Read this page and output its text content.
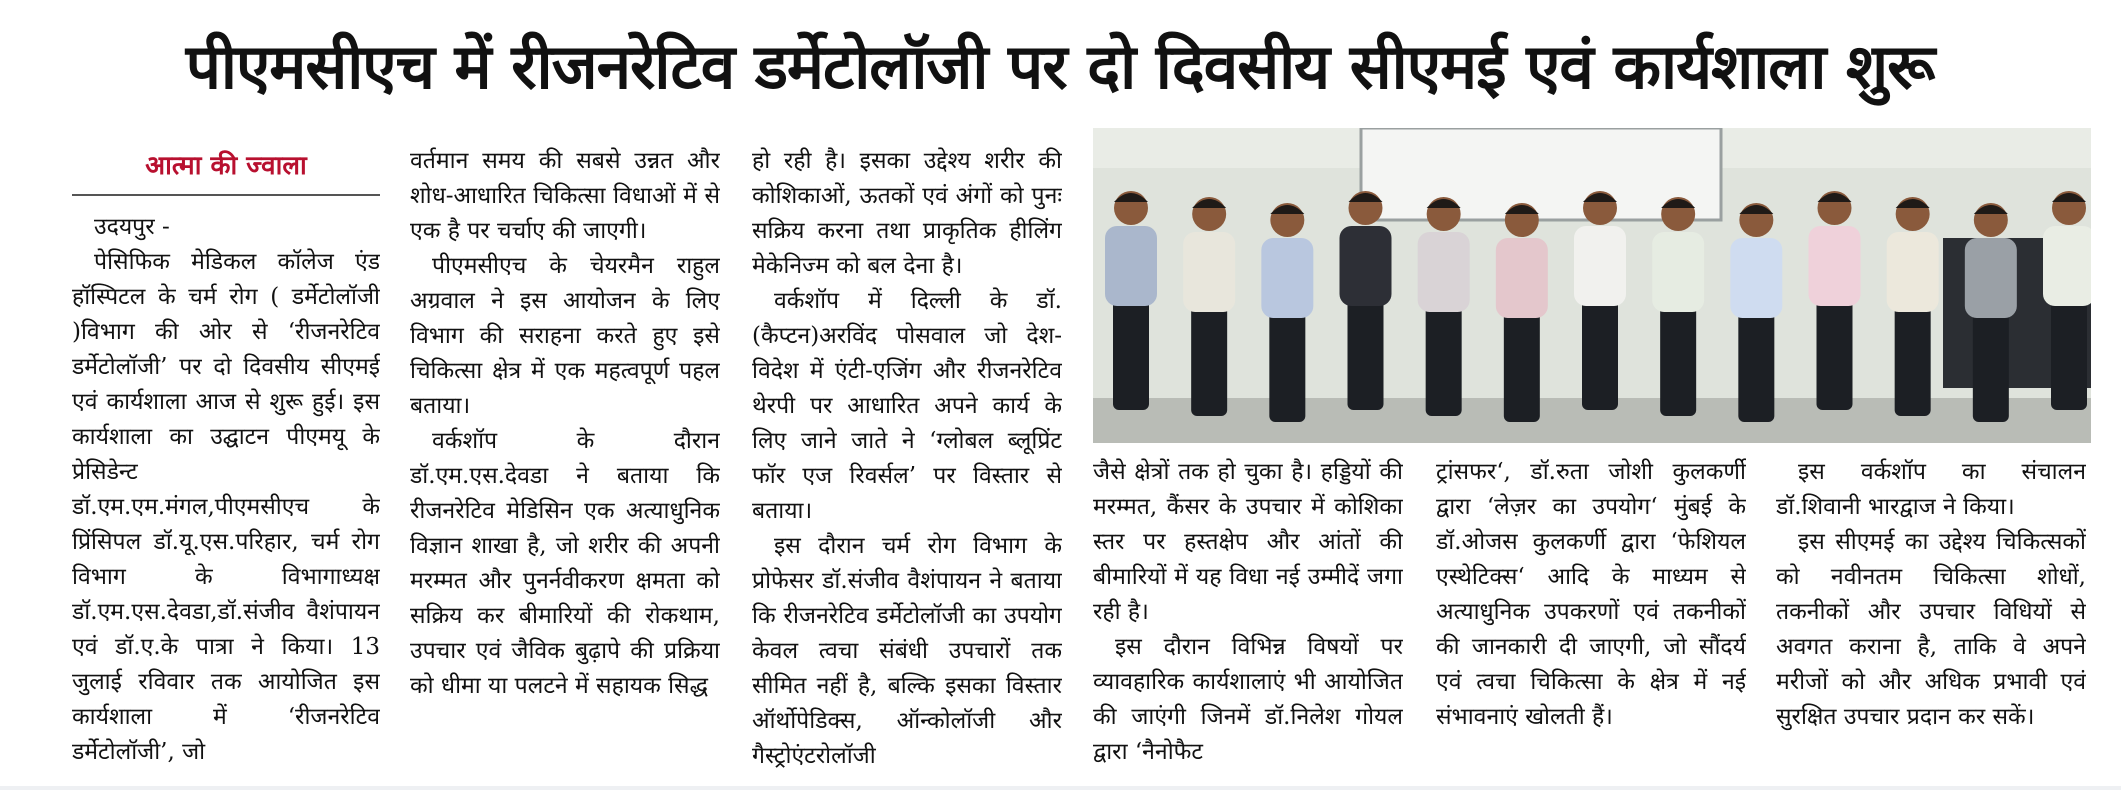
पीएमसीएच में रीजनरेटिव डर्मेटोलॉजी पर दो दिवसीय सीएमई एवं कार्यशाला शुरू
आत्मा की ज्वाला

उदयपुर -

पेसिफिक मेडिकल कॉलेज एंड हॉस्पिटल के चर्म रोग ( डर्मेटोलॉजी )विभाग की ओर से ‘रीजनरेटिव डर्मेटोलॉजी’ पर दो दिवसीय सीएमई एवं कार्यशाला आज से शुरू हुई। इस कार्यशाला का उद्घाटन पीएमयू के प्रेसिडेन्ट डॉ.एम.एम.मंगल,पीएमसीएच के प्रिंसिपल डॉ.यू.एस.परिहार, चर्म रोग विभाग के विभागाध्यक्ष डॉ.एम.एस.देवडा,डॉ.संजीव वैशंपायन एवं डॉ.ए.के पात्रा ने किया। 13 जुलाई रविवार तक आयोजित इस कार्यशाला में ‘रीजनरेटिव डर्मेटोलॉजी’, जो

वर्तमान समय की सबसे उन्नत और शोध-आधारित चिकित्सा विधाओं में से एक है पर चर्चाए की जाएगी।

पीएमसीएच के चेयरमैन राहुल अग्रवाल ने इस आयोजन के लिए विभाग की सराहना करते हुए इसे चिकित्सा क्षेत्र में एक महत्वपूर्ण पहल बताया।

वर्कशॉप के दौरान डॉ.एम.एस.देवडा ने बताया कि रीजनरेटिव मेडिसिन एक अत्याधुनिक विज्ञान शाखा है, जो शरीर की अपनी मरम्मत और पुनर्नवीकरण क्षमता को सक्रिय कर बीमारियों की रोकथाम, उपचार एवं जैविक बुढ़ापे की प्रक्रिया को धीमा या पलटने में सहायक सिद्ध

हो रही है। इसका उद्देश्य शरीर की कोशिकाओं, ऊतकों एवं अंगों को पुनः सक्रिय करना तथा प्राकृतिक हीलिंग मेकेनिज्म को बल देना है।

वर्कशॉप में दिल्ली के डॉ.(कैप्टन)अरविंद पोसवाल जो देश-विदेश में एंटी-एजिंग और रीजनरेटिव थेरपी पर आधारित अपने कार्य के लिए जाने जाते ने ‘ग्लोबल ब्लूप्रिंट फॉर एज रिवर्सल’ पर विस्तार से बताया।

इस दौरान चर्म रोग विभाग के प्रोफेसर डॉ.संजीव वैशंपायन ने बताया कि रीजनरेटिव डर्मेटोलॉजी का उपयोग केवल त्वचा संबंधी उपचारों तक सीमित नहीं है, बल्कि इसका विस्तार ऑर्थोपेडिक्स, ऑन्कोलॉजी और गैस्ट्रोएंटरोलॉजी

जैसे क्षेत्रों तक हो चुका है। हड्डियों की मरम्मत, कैंसर के उपचार में कोशिका स्तर पर हस्तक्षेप और आंतों की बीमारियों में यह विधा नई उम्मीदें जगा रही है।

इस दौरान विभिन्न विषयों पर व्यावहारिक कार्यशालाएं भी आयोजित की जाएंगी जिनमें डॉ.निलेश गोयल द्वारा ‘नैनोफैट

ट्रांसफर‘, डॉ.रुता जोशी कुलकर्णी द्वारा ‘लेज़र का उपयोग‘ मुंबई के डॉ.ओजस कुलकर्णी द्वारा ‘फेशियल एस्थेटिक्स‘ आदि के माध्यम से अत्याधुनिक उपकरणों एवं तकनीकों की जानकारी दी जाएगी, जो सौंदर्य एवं त्वचा चिकित्सा के क्षेत्र में नई संभावनाएं खोलती हैं।

इस वर्कशॉप का संचालन डॉ.शिवानी भारद्वाज ने किया।

इस सीएमई का उद्देश्य चिकित्सकों को नवीनतम चिकित्सा शोधों, तकनीकों और उपचार विधियों से अवगत कराना है, ताकि वे अपने मरीजों को और अधिक प्रभावी एवं सुरक्षित उपचार प्रदान कर सकें।
